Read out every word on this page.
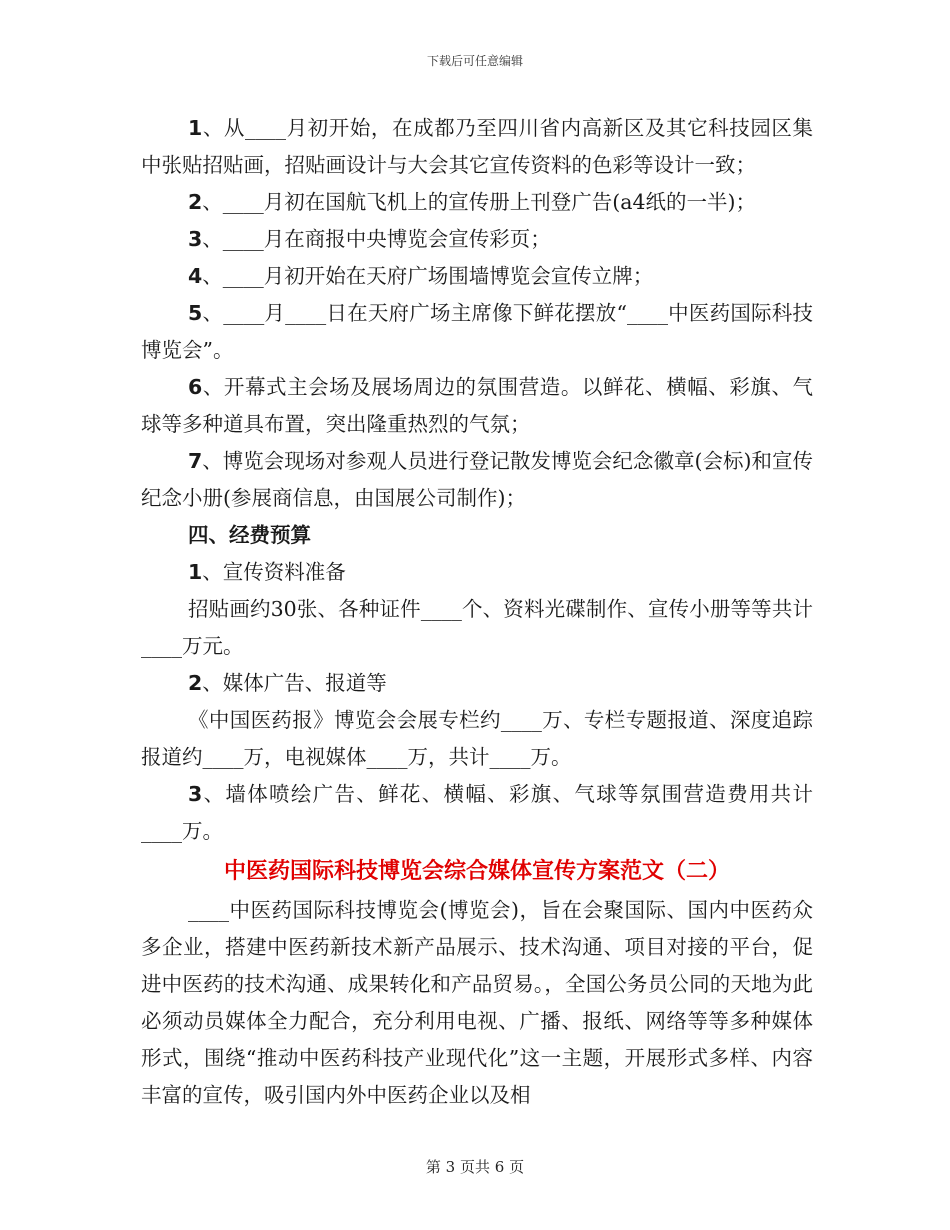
下载后可任意编辑

1、从____月初开始，在成都乃至四川省内高新区及其它科技园区集中张贴招贴画，招贴画设计与大会其它宣传资料的色彩等设计一致；

2、____月初在国航飞机上的宣传册上刊登广告(a4纸的一半)；

3、____月在商报中央博览会宣传彩页；

4、____月初开始在天府广场围墙博览会宣传立牌；

5、____月____日在天府广场主席像下鲜花摆放“____中医药国际科技博览会”。

6、开幕式主会场及展场周边的氛围营造。以鲜花、横幅、彩旗、气球等多种道具布置，突出隆重热烈的气氛；

7、博览会现场对参观人员进行登记散发博览会纪念徽章(会标)和宣传纪念小册(参展商信息，由国展公司制作)；

四、经费预算

1、宣传资料准备

招贴画约30张、各种证件____个、资料光碟制作、宣传小册等等共计____万元。

2、媒体广告、报道等

《中国医药报》博览会会展专栏约____万、专栏专题报道、深度追踪报道约____万，电视媒体____万，共计____万。

3、墙体喷绘广告、鲜花、横幅、彩旗、气球等氛围营造费用共计____万。

中医药国际科技博览会综合媒体宣传方案范文（二）

____中医药国际科技博览会(博览会)，旨在会聚国际、国内中医药众多企业，搭建中医药新技术新产品展示、技术沟通、项目对接的平台，促进中医药的技术沟通、成果转化和产品贸易。，全国公务员公同的天地为此必须动员媒体全力配合，充分利用电视、广播、报纸、网络等等多种媒体形式，围绕“推动中医药科技产业现代化”这一主题，开展形式多样、内容丰富的宣传，吸引国内外中医药企业以及相

第 3 页共 6 页
